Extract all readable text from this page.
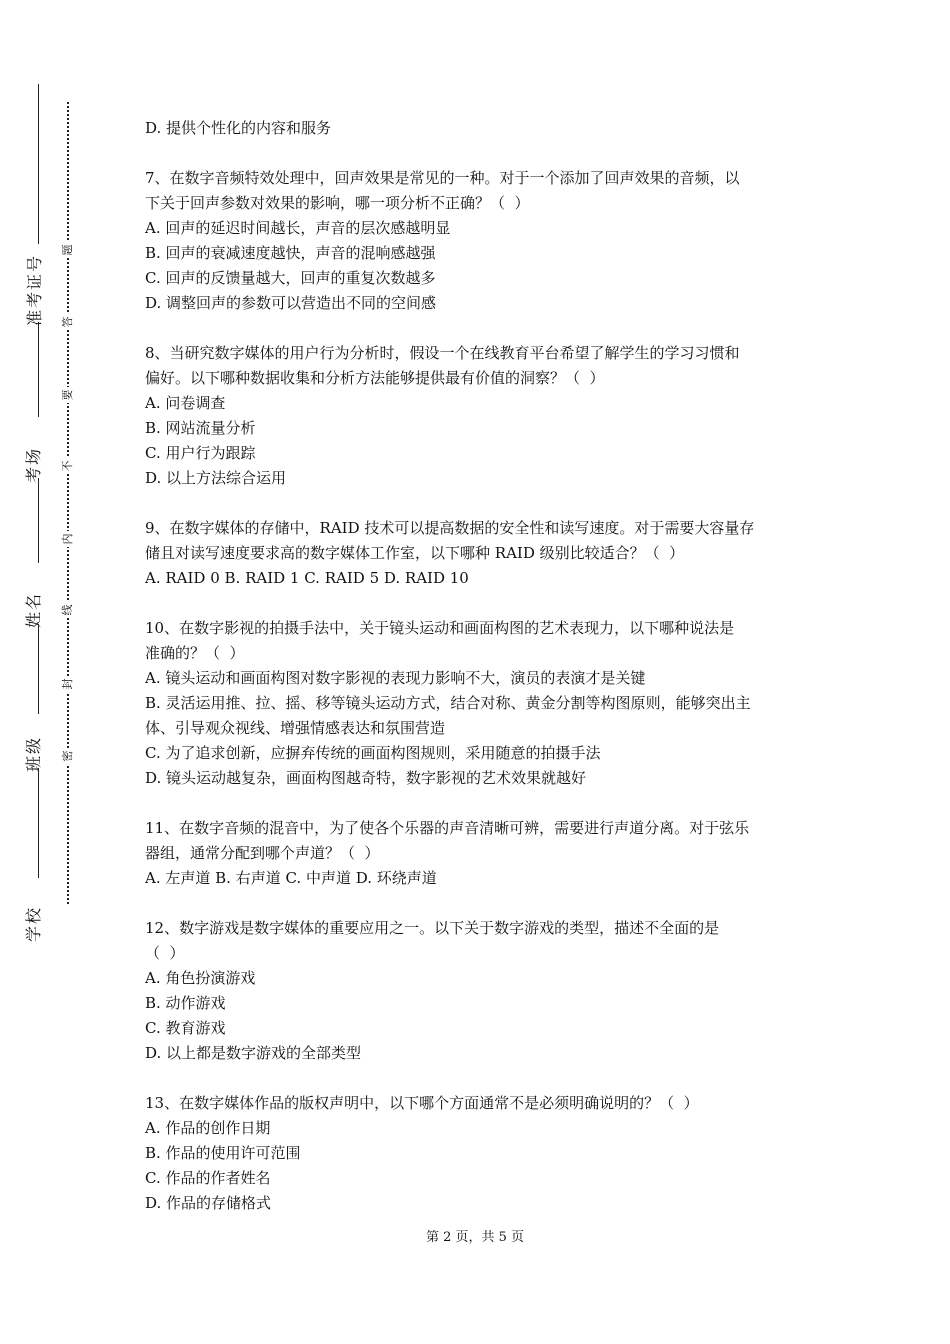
准考证号
考场
姓名
班级
学校
题
答
要
不
内
线
封
密

D. 提供个性化的内容和服务

7、在数字音频特效处理中，回声效果是常见的一种。对于一个添加了回声效果的音频，以

下关于回声参数对效果的影响，哪一项分析不正确？（  ）

A. 回声的延迟时间越长，声音的层次感越明显

B. 回声的衰减速度越快，声音的混响感越强

C. 回声的反馈量越大，回声的重复次数越多

D. 调整回声的参数可以营造出不同的空间感

8、当研究数字媒体的用户行为分析时，假设一个在线教育平台希望了解学生的学习习惯和

偏好。以下哪种数据收集和分析方法能够提供最有价值的洞察？（  ）

A. 问卷调查

B. 网站流量分析

C. 用户行为跟踪

D. 以上方法综合运用

9、在数字媒体的存储中，RAID 技术可以提高数据的安全性和读写速度。对于需要大容量存

储且对读写速度要求高的数字媒体工作室，以下哪种 RAID 级别比较适合？（  ）

A. RAID 0 B. RAID 1 C. RAID 5 D. RAID 10

10、在数字影视的拍摄手法中，关于镜头运动和画面构图的艺术表现力，以下哪种说法是

准确的？（  ）

A. 镜头运动和画面构图对数字影视的表现力影响不大，演员的表演才是关键

B. 灵活运用推、拉、摇、移等镜头运动方式，结合对称、黄金分割等构图原则，能够突出主

体、引导观众视线、增强情感表达和氛围营造

C. 为了追求创新，应摒弃传统的画面构图规则，采用随意的拍摄手法

D. 镜头运动越复杂，画面构图越奇特，数字影视的艺术效果就越好

11、在数字音频的混音中，为了使各个乐器的声音清晰可辨，需要进行声道分离。对于弦乐

器组，通常分配到哪个声道？（  ）

A. 左声道 B. 右声道 C. 中声道 D. 环绕声道

12、数字游戏是数字媒体的重要应用之一。以下关于数字游戏的类型，描述不全面的是

（  ）

A. 角色扮演游戏

B. 动作游戏

C. 教育游戏

D. 以上都是数字游戏的全部类型

13、在数字媒体作品的版权声明中，以下哪个方面通常不是必须明确说明的？（  ）

A. 作品的创作日期

B. 作品的使用许可范围

C. 作品的作者姓名

D. 作品的存储格式

第 2 页，共 5 页
